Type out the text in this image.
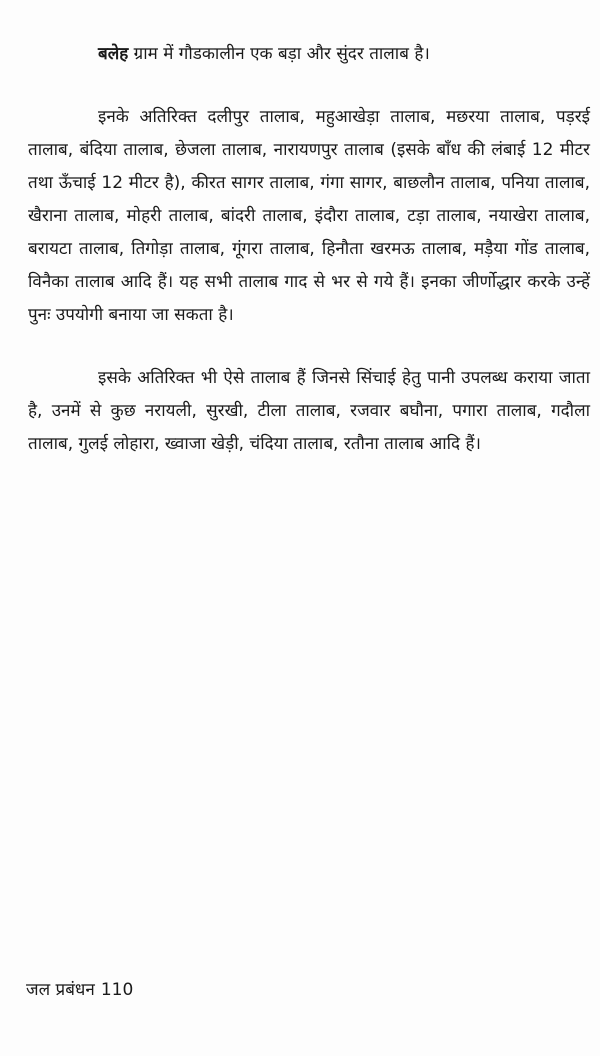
बलेह ग्राम में गौडकालीन एक बड़ा और सुंदर तालाब है।

इनके अतिरिक्त दलीपुर तालाब, महुआखेड़ा तालाब, मछरया तालाब, पड़रई तालाब, बंदिया तालाब, छेजला तालाब, नारायणपुर तालाब (इसके बाँध की लंबाई 12 मीटर तथा ऊँचाई 12 मीटर है), कीरत सागर तालाब, गंगा सागर, बाछलौन तालाब, पनिया तालाब, खैराना तालाब, मोहरी तालाब, बांदरी तालाब, इंदौरा तालाब, टड़ा तालाब, नयाखेरा तालाब, बरायटा तालाब, तिगोड़ा तालाब, गूंगरा तालाब, हिनौता खरमऊ तालाब, मड़ैया गोंड तालाब, विनैका तालाब आदि हैं। यह सभी तालाब गाद से भर से गये हैं। इनका जीर्णोद्धार करके उन्हें पुनः उपयोगी बनाया जा सकता है।

इसके अतिरिक्त भी ऐसे तालाब हैं जिनसे सिंचाई हेतु पानी उपलब्ध कराया जाता है, उनमें से कुछ नरायली, सुरखी, टीला तालाब, रजवार बघौना, पगारा तालाब, गदौला तालाब, गुलई लोहारा, ख्वाजा खेड़ी, चंदिया तालाब, रतौना तालाब आदि हैं।

जल प्रबंधन 110
